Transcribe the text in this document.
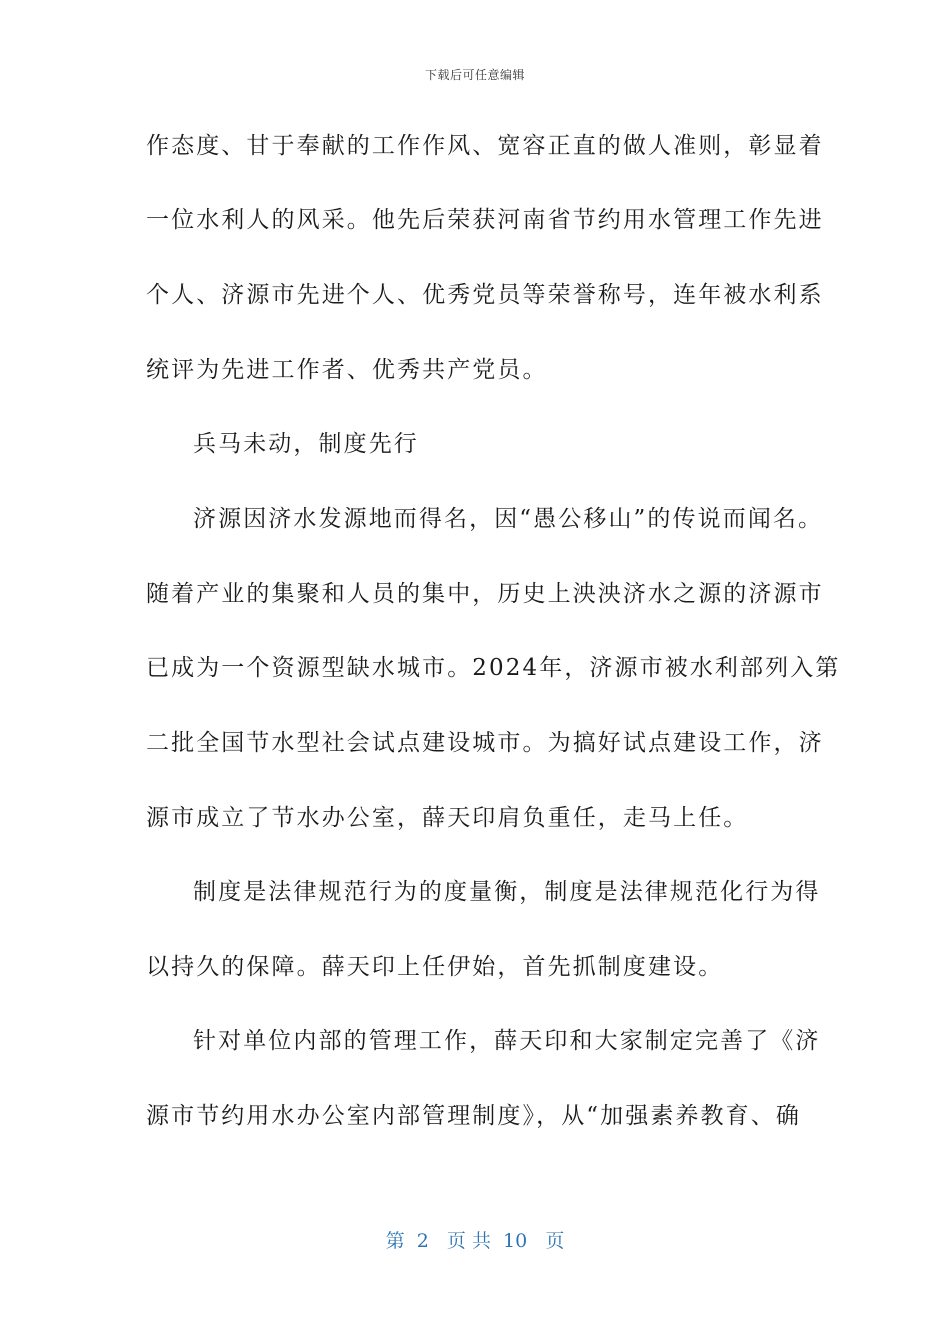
下载后可任意编辑
作态度、甘于奉献的工作作风、宽容正直的做人准则，彰显着
一位水利人的风采。他先后荣获河南省节约用水管理工作先进
个人、济源市先进个人、优秀党员等荣誉称号，连年被水利系
统评为先进工作者、优秀共产党员。
兵马未动，制度先行
济源因济水发源地而得名，因“愚公移山”的传说而闻名。
随着产业的集聚和人员的集中，历史上泱泱济水之源的济源市
已成为一个资源型缺水城市。2024年，济源市被水利部列入第
二批全国节水型社会试点建设城市。为搞好试点建设工作，济
源市成立了节水办公室，薛天印肩负重任，走马上任。
制度是法律规范行为的度量衡，制度是法律规范化行为得
以持久的保障。薛天印上任伊始，首先抓制度建设。
针对单位内部的管理工作，薛天印和大家制定完善了《济
源市节约用水办公室内部管理制度》，从“加强素养教育、确
第  2   页 共  10   页
